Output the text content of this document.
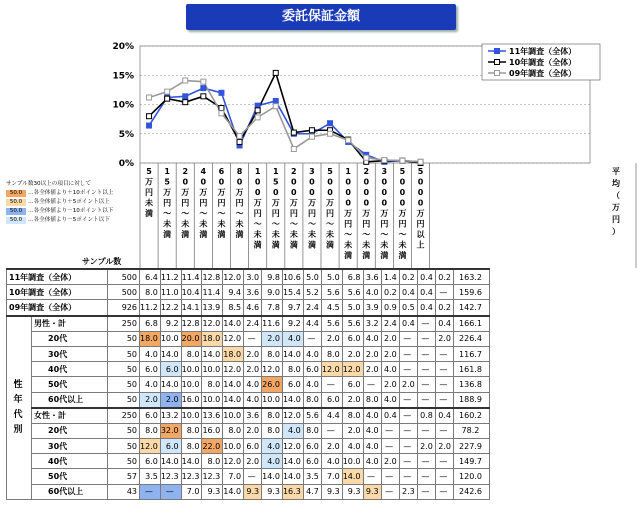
委託保証金額
0%
5%
10%
15%
20%	11年調査（全体）
10年調査（全体）
09年調査（全体）
5 万円未満
1 5 万円〜未満
2 0 万円〜未満
4 0 万円〜未満
6 0 万円〜未満
8 0 万円〜未満
1 0 0 万円〜未満
1 5 0 万円〜未満
2 0 0 万円〜未満
3 0 0 万円〜未満
5 0 0 万円〜未満
1 0 0 0 万円〜未満
2 0 0 0 万円〜未満
3 0 0 0 万円〜未満
5 0 0 0 万円〜未満
5 0 0 0 万円以上
平均（万円）
サンプル数30以上の項目に対して
50.0	…各全体値より＋10ポイント以上
50.0	…各全体値より＋5ポイント以上
50.0	…各全体値より－10ポイント以下
50.0	…各全体値より－5ポイント以下
サンプル数
11年調査（全体）		500	6.4	11.2	11.4	12.8	12.0	3.0	9.8	10.6	5.0	5.0	6.8	3.6	1.4	0.2	0.4	0.2	163.2
10年調査（全体）		500	8.0	11.0	10.4	11.4	9.4	3.6	9.0	15.4	5.2	5.6	5.6	4.0	0.2	0.4	0.4	—	159.6
09年調査（全体）		926	11.2	12.2	14.1	13.9	8.5	4.6	7.8	9.7	2.4	4.5	5.0	3.9	0.9	0.5	0.4	0.2	142.7
性
年
代
別	男性・計	250	6.8	9.2	12.8	12.0	14.0	2.4	11.6	9.2	4.4	5.6	5.6	3.2	2.4	0.4	—	0.4	166.1
	20代	50	18.0	10.0	20.0	18.0	12.0	—	2.0	4.0	—	2.0	6.0	4.0	2.0	—	—	2.0	226.4
	30代	50	4.0	14.0	8.0	14.0	18.0	2.0	8.0	14.0	4.0	8.0	2.0	2.0	2.0	—	—	—	116.7
	40代	50	6.0	6.0	10.0	10.0	12.0	2.0	12.0	8.0	6.0	12.0	12.0	2.0	4.0	—	—	—	161.8
	50代	50	4.0	14.0	10.0	8.0	14.0	4.0	26.0	6.0	4.0	—	6.0	—	2.0	2.0	—	—	136.8
	60代以上	50	2.0	2.0	16.0	10.0	14.0	4.0	10.0	14.0	8.0	6.0	2.0	8.0	4.0	—	—	—	188.9
	女性・計	250	6.0	13.2	10.0	13.6	10.0	3.6	8.0	12.0	5.6	4.4	8.0	4.0	0.4	—	0.8	0.4	160.2
	20代	50	8.0	32.0	8.0	16.0	8.0	2.0	8.0	4.0	8.0	—	2.0	4.0	—	—	—	—	78.2
	30代	50	12.0	6.0	8.0	22.0	10.0	6.0	4.0	12.0	6.0	2.0	4.0	4.0	—	—	2.0	2.0	227.9
	40代	50	6.0	14.0	14.0	8.0	12.0	2.0	4.0	14.0	6.0	4.0	10.0	4.0	2.0	—	—	—	149.7
	50代	57	3.5	12.3	12.3	12.3	7.0	—	14.0	14.0	3.5	7.0	14.0	—	—	—	—	—	120.0
	60代以上	43	—	—	7.0	9.3	14.0	9.3	9.3	16.3	4.7	9.3	9.3	9.3	—	2.3	—	—	242.6
